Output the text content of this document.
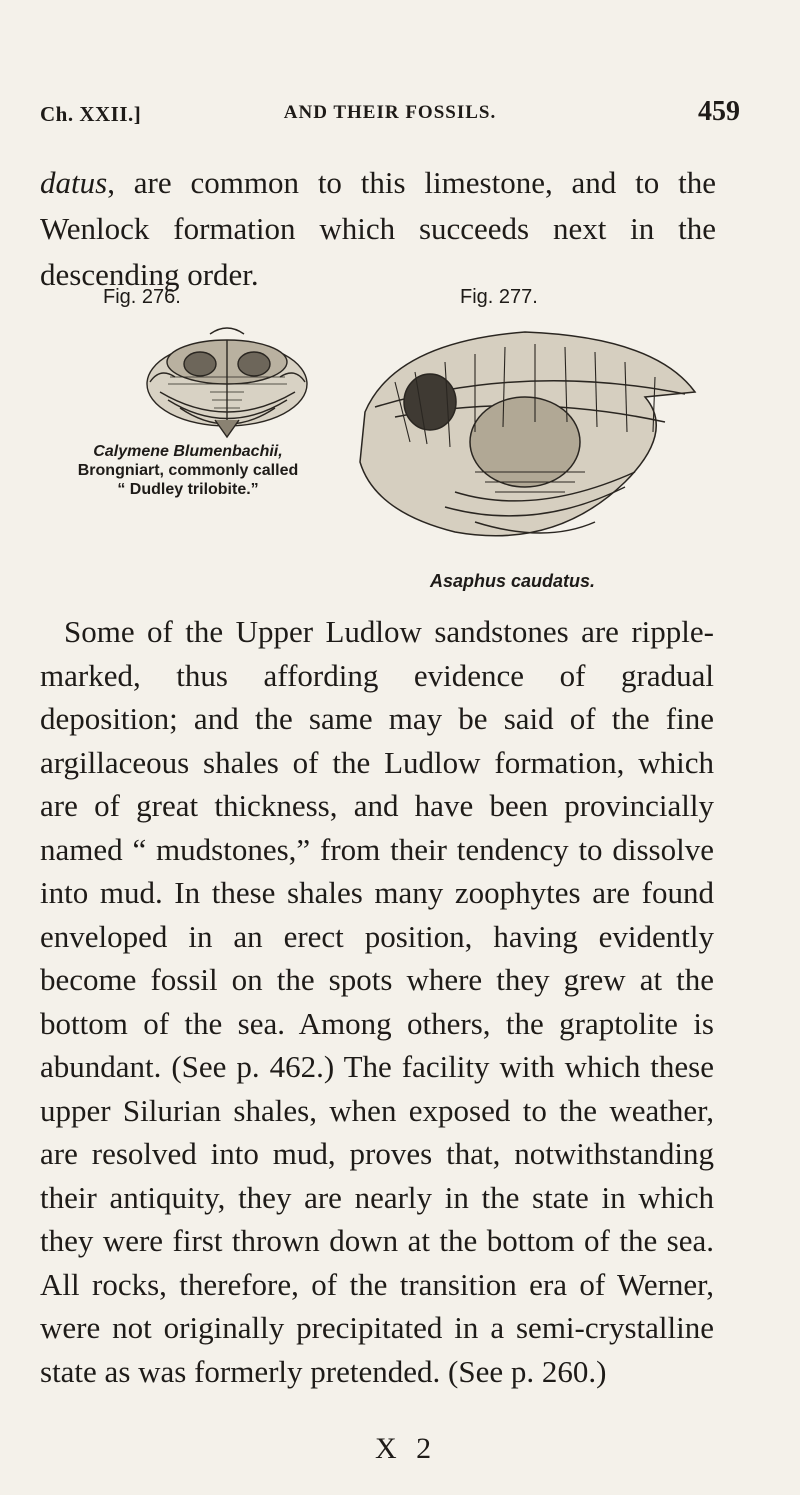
Ch. XXII.]	AND THEIR FOSSILS.	459

datus, are common to this limestone, and to the Wenlock formation which succeeds next in the descending order.

Fig. 276.	Fig. 277.
Calymene Blumenbachii,
Brongniart, commonly called
“ Dudley trilobite.”
Asaphus caudatus.

Some of the Upper Ludlow sandstones are ripple-marked, thus affording evidence of gradual deposition; and the same may be said of the fine argillaceous shales of the Ludlow formation, which are of great thickness, and have been provincially named “ mudstones,” from their tendency to dissolve into mud. In these shales many zoophytes are found enveloped in an erect position, having evidently become fossil on the spots where they grew at the bottom of the sea. Among others, the graptolite is abundant. (See p. 462.) The facility with which these upper Silurian shales, when exposed to the weather, are resolved into mud, proves that, notwithstanding their antiquity, they are nearly in the state in which they were first thrown down at the bottom of the sea. All rocks, therefore, of the transition era of Werner, were not originally precipitated in a semi-crystalline state as was formerly pretended. (See p. 260.)

X 2
